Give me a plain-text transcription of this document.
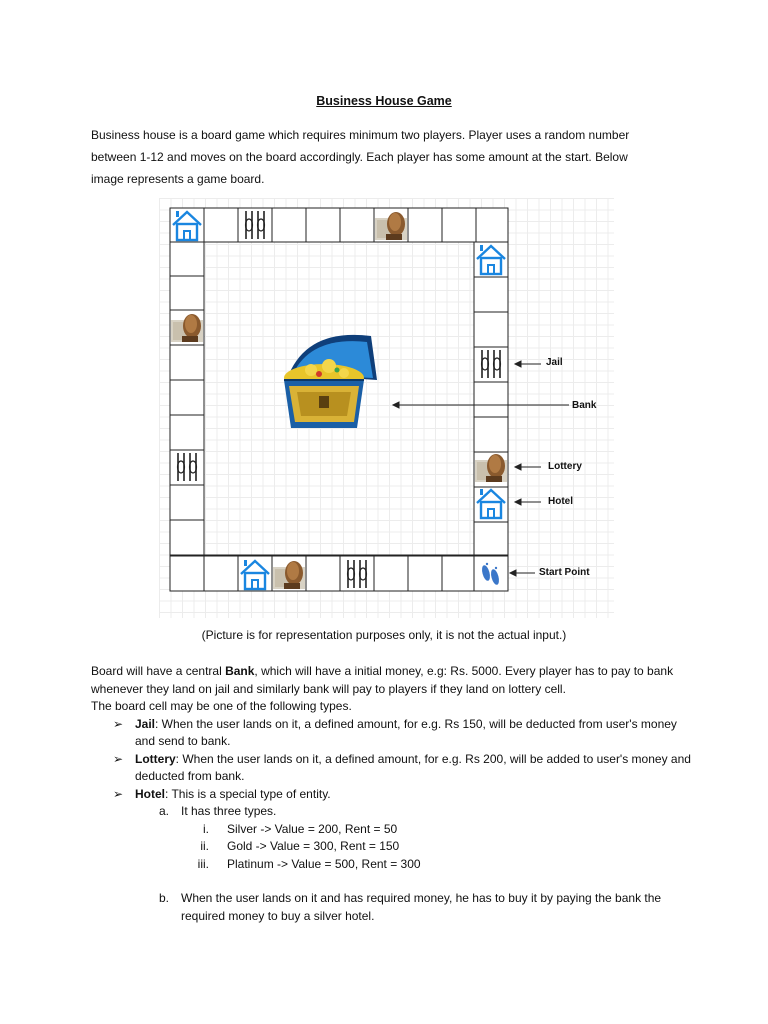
Business House Game
Business house is a board game which requires minimum two players. Player uses a random number
between 1-12 and moves on the board accordingly. Each player has some amount at the start. Below
image represents a game board.
Jail
Bank
Lottery
Hotel
Start Point
(Picture is for representation purposes only, it is not the actual input.)

Board will have a central Bank, which will have a initial money, e.g: Rs. 5000. Every player has to pay to bank whenever they land on jail and similarly bank will pay to players if they land on lottery cell.

The board cell may be one of the following types.

➢ Jail: When the user lands on it, a defined amount, for e.g. Rs 150, will be deducted from user's money and send to bank.
➢ Lottery: When the user lands on it, a defined amount, for e.g. Rs 200, will be added to user's money and deducted from bank.
➢ Hotel: This is a special type of entity.
a. It has three types.
i. Silver -> Value = 200, Rent = 50
ii. Gold -> Value = 300, Rent = 150
iii. Platinum -> Value = 500, Rent = 300
b. When the user lands on it and has required money, he has to buy it by paying the bank the required money to buy a silver hotel.
